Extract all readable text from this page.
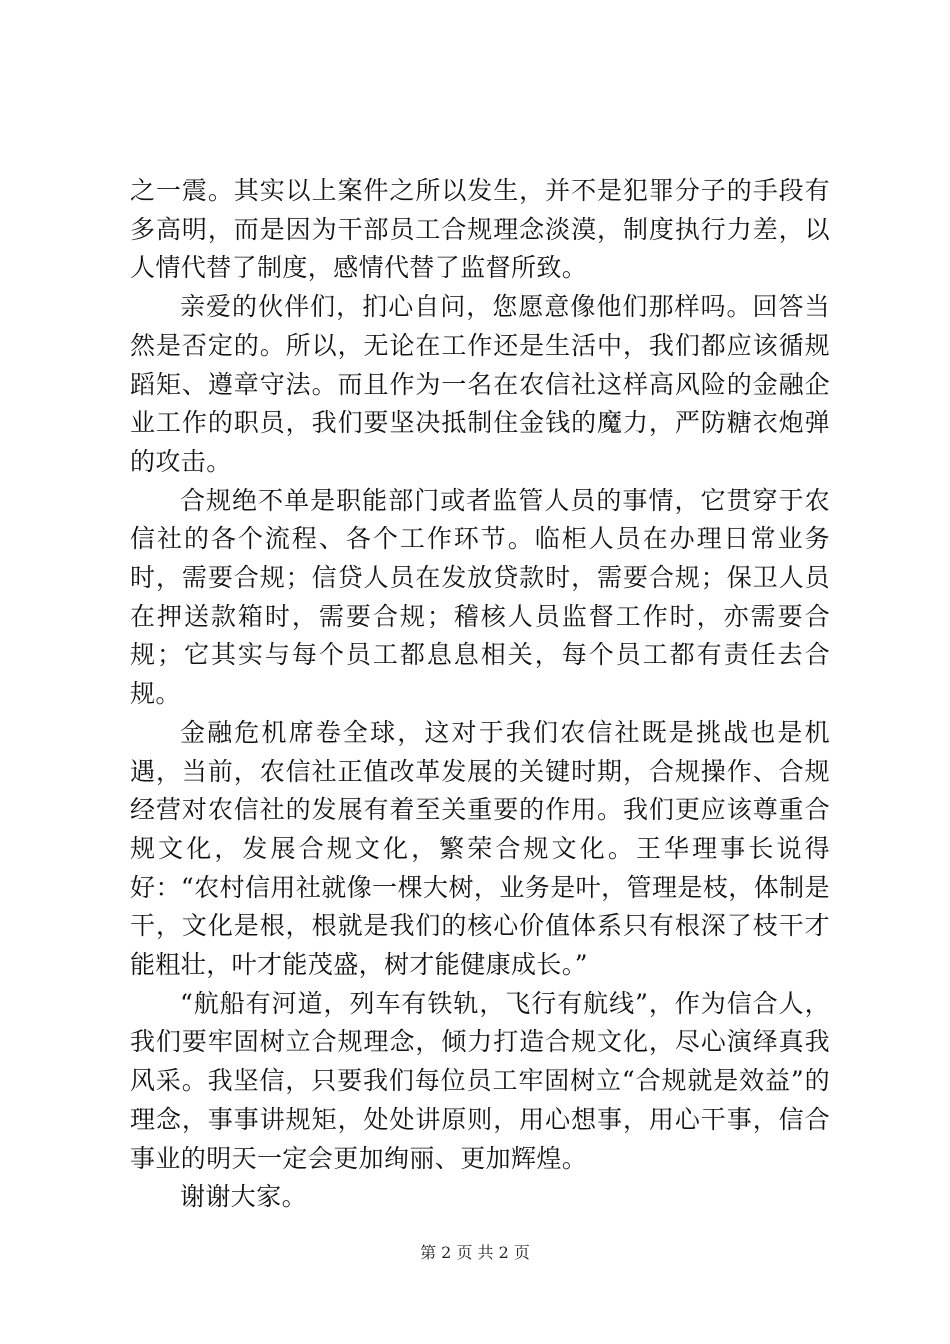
之一震。其实以上案件之所以发生，并不是犯罪分子的手段有多高明，而是因为干部员工合规理念淡漠，制度执行力差，以人情代替了制度，感情代替了监督所致。

亲爱的伙伴们，扪心自问，您愿意像他们那样吗。回答当然是否定的。所以，无论在工作还是生活中，我们都应该循规蹈矩、遵章守法。而且作为一名在农信社这样高风险的金融企业工作的职员，我们要坚决抵制住金钱的魔力，严防糖衣炮弹的攻击。

合规绝不单是职能部门或者监管人员的事情，它贯穿于农信社的各个流程、各个工作环节。临柜人员在办理日常业务时，需要合规；信贷人员在发放贷款时，需要合规；保卫人员在押送款箱时，需要合规；稽核人员监督工作时，亦需要合规；它其实与每个员工都息息相关，每个员工都有责任去合规。

金融危机席卷全球，这对于我们农信社既是挑战也是机遇，当前，农信社正值改革发展的关键时期，合规操作、合规经营对农信社的发展有着至关重要的作用。我们更应该尊重合规文化，发展合规文化，繁荣合规文化。王华理事长说得好：“农村信用社就像一棵大树，业务是叶，管理是枝，体制是干，文化是根，根就是我们的核心价值体系只有根深了枝干才能粗壮，叶才能茂盛，树才能健康成长。”

“航船有河道，列车有铁轨，飞行有航线”，作为信合人，我们要牢固树立合规理念，倾力打造合规文化，尽心演绎真我风采。我坚信，只要我们每位员工牢固树立“合规就是效益”的理念，事事讲规矩，处处讲原则，用心想事，用心干事，信合事业的明天一定会更加绚丽、更加辉煌。

谢谢大家。

第 2 页 共 2 页
